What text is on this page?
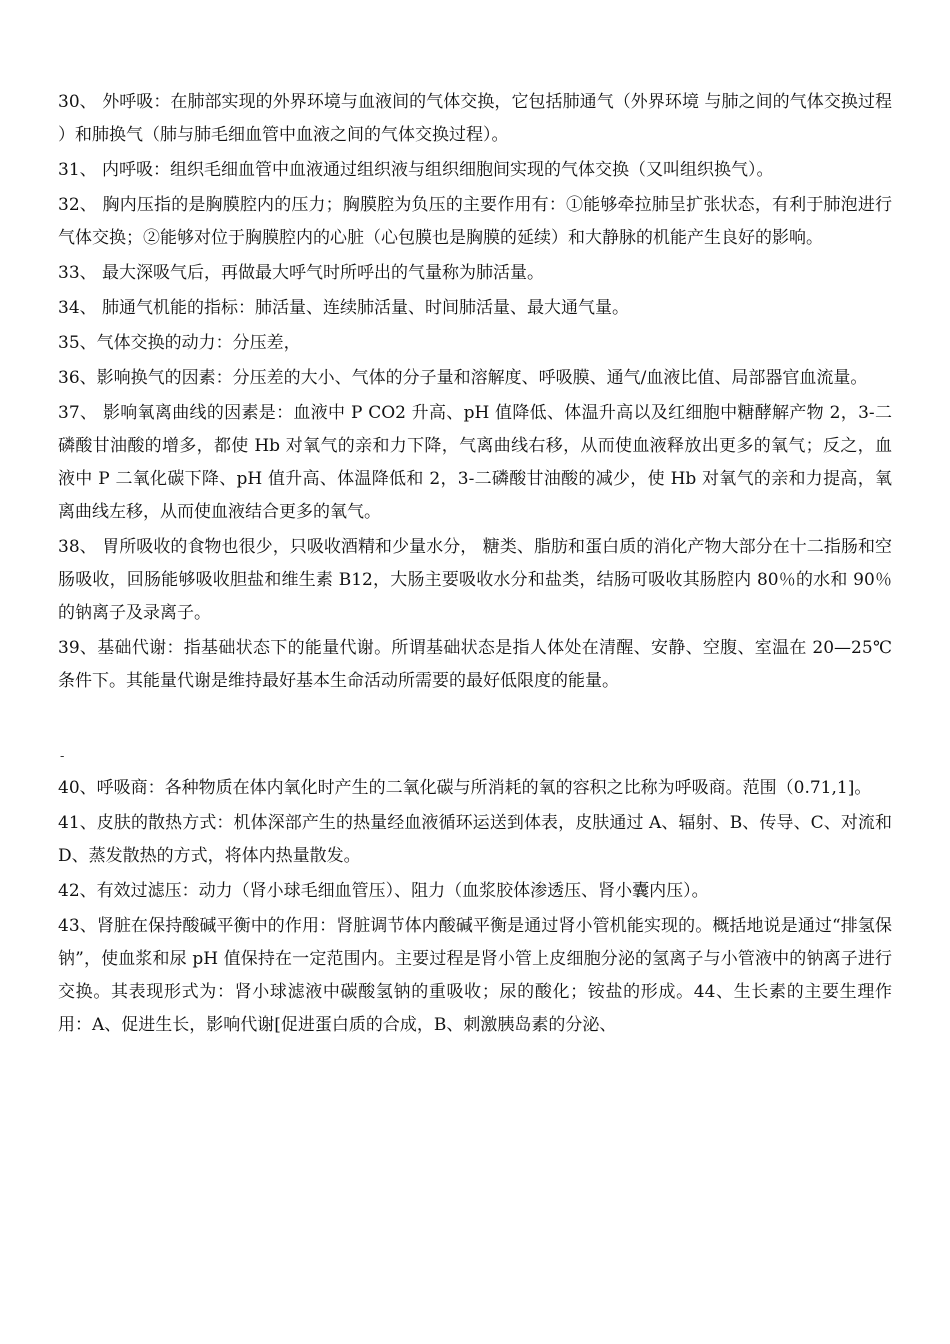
30、 外呼吸：在肺部实现的外界环境与血液间的气体交换，它包括肺通气（外界环境 与肺之间的气体交换过程 ）和肺换气（肺与肺毛细血管中血液之间的气体交换过程）。

31、 内呼吸：组织毛细血管中血液通过组织液与组织细胞间实现的气体交换（又叫组织换气）。

32、 胸内压指的是胸膜腔内的压力；胸膜腔为负压的主要作用有：①能够牵拉肺呈扩张状态，有利于肺泡进行气体交换；②能够对位于胸膜腔内的心脏（心包膜也是胸膜的延续）和大静脉的机能产生良好的影响。

33、 最大深吸气后，再做最大呼气时所呼出的气量称为肺活量。

34、 肺通气机能的指标：肺活量、连续肺活量、时间肺活量、最大通气量。

35、气体交换的动力：分压差，

36、影响换气的因素：分压差的大小、气体的分子量和溶解度、呼吸膜、通气/血液比值、局部器官血流量。

37、 影响氧离曲线的因素是：血液中 P CO2 升高、pH 值降低、体温升高以及红细胞中糖酵解产物 2，3-二磷酸甘油酸的增多，都使 Hb 对氧气的亲和力下降，气离曲线右移，从而使血液释放出更多的氧气；反之，血液中 P 二氧化碳下降、pH 值升高、体温降低和 2，3-二磷酸甘油酸的减少，使 Hb 对氧气的亲和力提高，氧离曲线左移，从而使血液结合更多的氧气。

38、 胃所吸收的食物也很少，只吸收酒精和少量水分， 糖类、脂肪和蛋白质的消化产物大部分在十二指肠和空肠吸收，回肠能够吸收胆盐和维生素 B12，大肠主要吸收水分和盐类，结肠可吸收其肠腔内 80％的水和 90％的钠离子及录离子。

39、基础代谢：指基础状态下的能量代谢。所谓基础状态是指人体处在清醒、安静、空腹、室温在 20—25℃条件下。其能量代谢是维持最好基本生命活动所需要的最好低限度的能量。

-

40、呼吸商：各种物质在体内氧化时产生的二氧化碳与所消耗的氧的容积之比称为呼吸商。范围（0.71,1]。

41、皮肤的散热方式：机体深部产生的热量经血液循环运送到体表，皮肤通过 A、辐射、B、传导、C、对流和 D、蒸发散热的方式，将体内热量散发。

42、有效过滤压：动力（肾小球毛细血管压）、阻力（血浆胶体渗透压、肾小囊内压）。

43、肾脏在保持酸碱平衡中的作用：肾脏调节体内酸碱平衡是通过肾小管机能实现的。概括地说是通过“排氢保钠”，使血浆和尿 pH 值保持在一定范围内。主要过程是肾小管上皮细胞分泌的氢离子与小管液中的钠离子进行交换。其表现形式为：肾小球滤液中碳酸氢钠的重吸收；尿的酸化；铵盐的形成。44、生长素的主要生理作用：A、促进生长，影响代谢[促进蛋白质的合成，B、刺激胰岛素的分泌、
